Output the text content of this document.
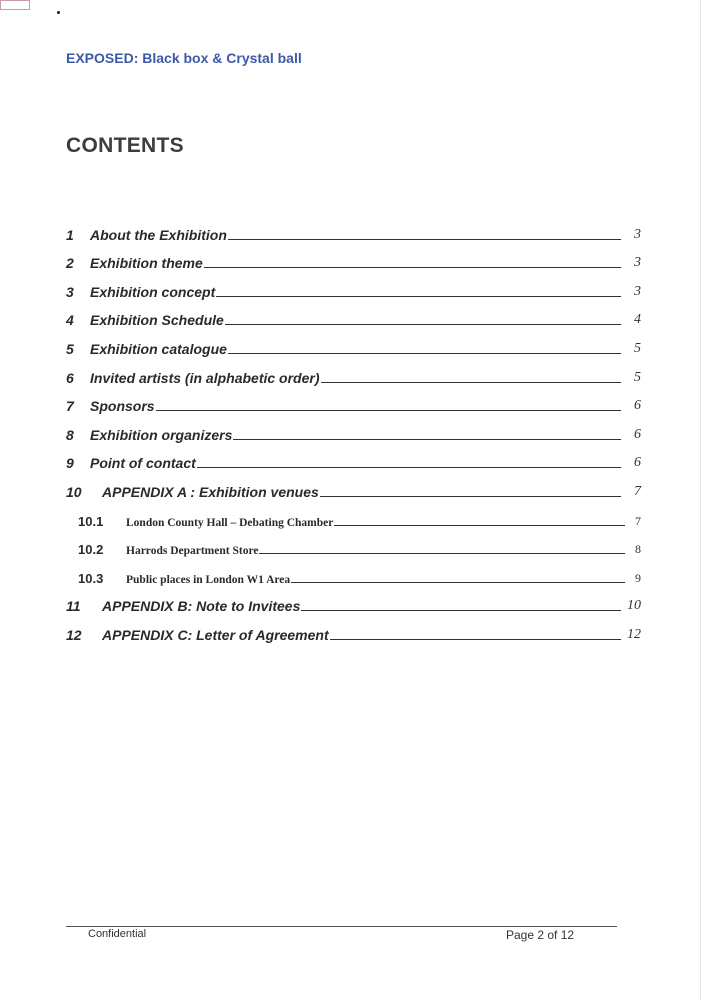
EXPOSED: Black box & Crystal ball
CONTENTS
1	About the Exhibition	3
2	Exhibition theme	3
3	Exhibition concept	3
4	Exhibition Schedule	4
5	Exhibition catalogue	5
6	Invited artists (in alphabetic order)	5
7	Sponsors	6
8	Exhibition organizers	6
9	Point of contact	6
10	APPENDIX A : Exhibition venues	7
10.1	London County Hall – Debating Chamber	7
10.2	Harrods Department Store	8
10.3	Public places in London W1 Area	9
11	APPENDIX B: Note to Invitees	10
12	APPENDIX C: Letter of Agreement	12
Confidential	Page 2 of 12
